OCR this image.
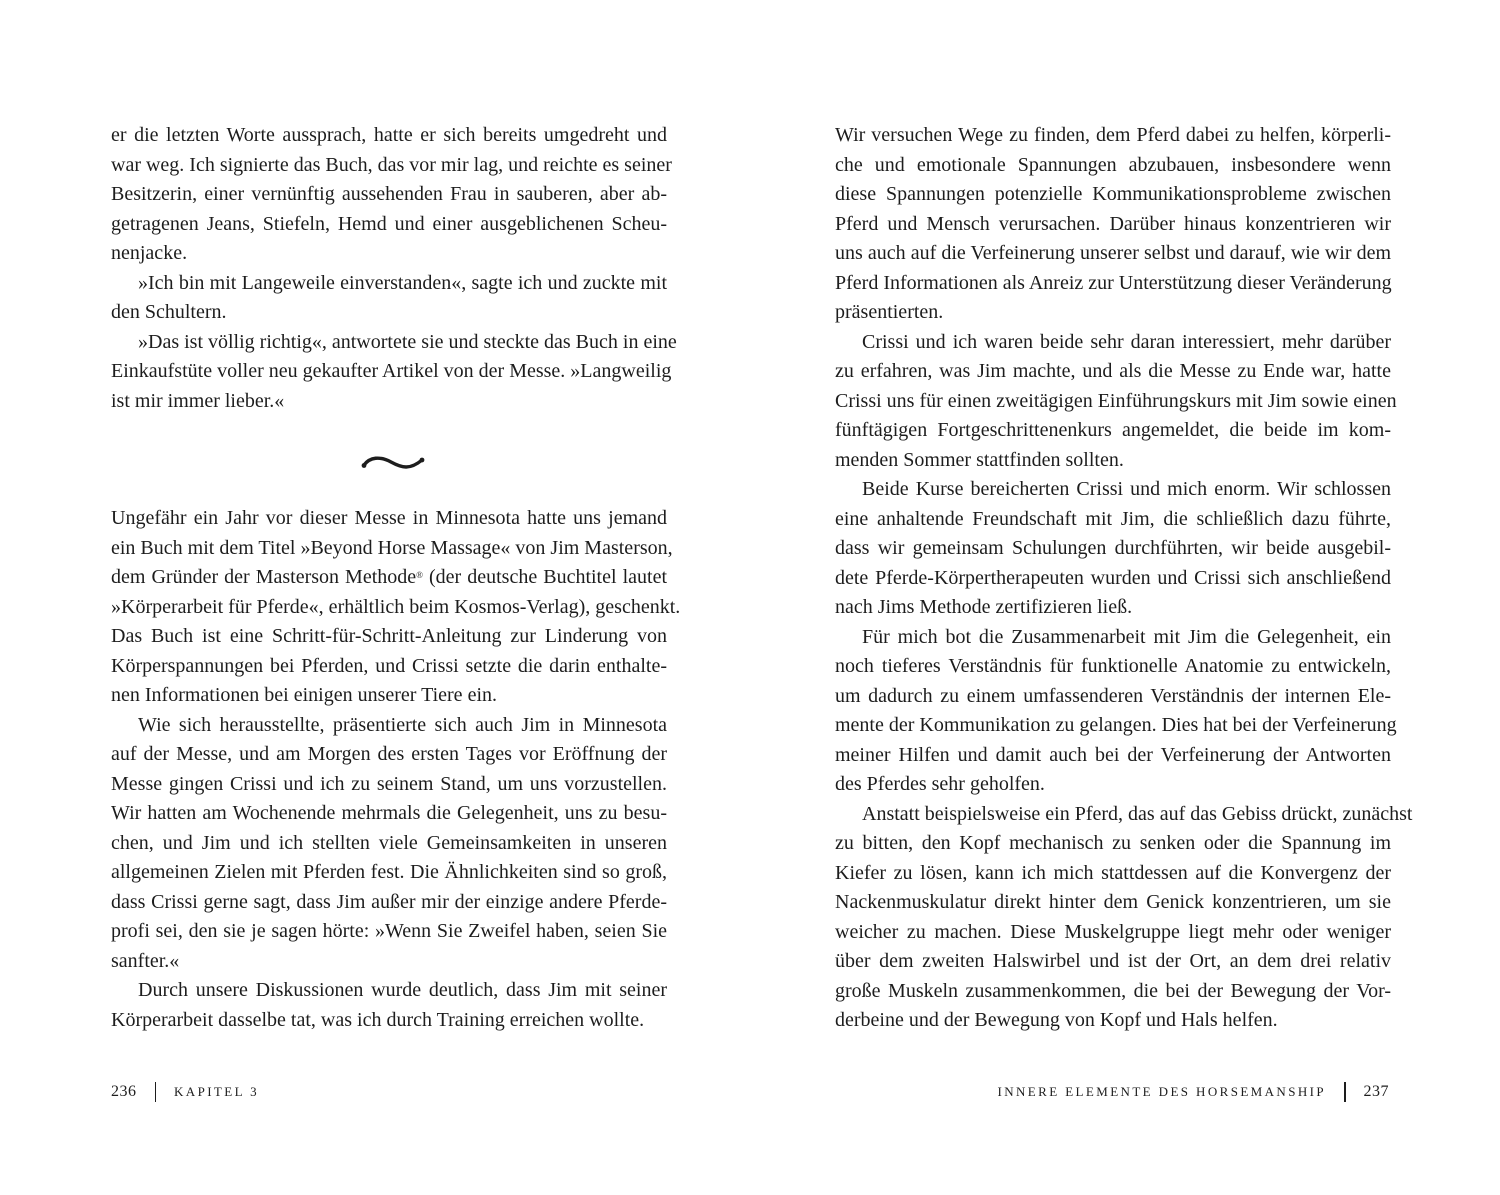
er die letzten Worte aussprach, hatte er sich bereits umgedreht und
war weg. Ich signierte das Buch, das vor mir lag, und reichte es seiner
Besitzerin, einer vernünftig aussehenden Frau in sauberen, aber ab-
getragenen Jeans, Stiefeln, Hemd und einer ausgeblichenen Scheu-
nenjacke.
»Ich bin mit Langeweile einverstanden«, sagte ich und zuckte mit
den Schultern.
»Das ist völlig richtig«, antwortete sie und steckte das Buch in eine
Einkaufstüte voller neu gekaufter Artikel von der Messe. »Langweilig
ist mir immer lieber.«
Ungefähr ein Jahr vor dieser Messe in Minnesota hatte uns jemand
ein Buch mit dem Titel »Beyond Horse Massage« von Jim Masterson,
dem Gründer der Masterson Methode® (der deutsche Buchtitel lautet
»Körperarbeit für Pferde«, erhältlich beim Kosmos-Verlag), geschenkt.
Das Buch ist eine Schritt-für-Schritt-Anleitung zur Linderung von
Körperspannungen bei Pferden, und Crissi setzte die darin enthalte-
nen Informationen bei einigen unserer Tiere ein.
Wie sich herausstellte, präsentierte sich auch Jim in Minnesota
auf der Messe, und am Morgen des ersten Tages vor Eröffnung der
Messe gingen Crissi und ich zu seinem Stand, um uns vorzustellen.
Wir hatten am Wochenende mehrmals die Gelegenheit, uns zu besu-
chen, und Jim und ich stellten viele Gemeinsamkeiten in unseren
allgemeinen Zielen mit Pferden fest. Die Ähnlichkeiten sind so groß,
dass Crissi gerne sagt, dass Jim außer mir der einzige andere Pferde-
profi sei, den sie je sagen hörte: »Wenn Sie Zweifel haben, seien Sie
sanfter.«
Durch unsere Diskussionen wurde deutlich, dass Jim mit seiner
Körperarbeit dasselbe tat, was ich durch Training erreichen wollte.
236	KAPITEL 3
Wir versuchen Wege zu finden, dem Pferd dabei zu helfen, körperli-
che und emotionale Spannungen abzubauen, insbesondere wenn
diese Spannungen potenzielle Kommunikationsprobleme zwischen
Pferd und Mensch verursachen. Darüber hinaus konzentrieren wir
uns auch auf die Verfeinerung unserer selbst und darauf, wie wir dem
Pferd Informationen als Anreiz zur Unterstützung dieser Veränderung
präsentierten.
Crissi und ich waren beide sehr daran interessiert, mehr darüber
zu erfahren, was Jim machte, und als die Messe zu Ende war, hatte
Crissi uns für einen zweitägigen Einführungskurs mit Jim sowie einen
fünftägigen Fortgeschrittenenkurs angemeldet, die beide im kom-
menden Sommer stattfinden sollten.
Beide Kurse bereicherten Crissi und mich enorm. Wir schlossen
eine anhaltende Freundschaft mit Jim, die schließlich dazu führte,
dass wir gemeinsam Schulungen durchführten, wir beide ausgebil-
dete Pferde-Körpertherapeuten wurden und Crissi sich anschließend
nach Jims Methode zertifizieren ließ.
Für mich bot die Zusammenarbeit mit Jim die Gelegenheit, ein
noch tieferes Verständnis für funktionelle Anatomie zu entwickeln,
um dadurch zu einem umfassenderen Verständnis der internen Ele-
mente der Kommunikation zu gelangen. Dies hat bei der Verfeinerung
meiner Hilfen und damit auch bei der Verfeinerung der Antworten
des Pferdes sehr geholfen.
Anstatt beispielsweise ein Pferd, das auf das Gebiss drückt, zunächst
zu bitten, den Kopf mechanisch zu senken oder die Spannung im
Kiefer zu lösen, kann ich mich stattdessen auf die Konvergenz der
Nackenmuskulatur direkt hinter dem Genick konzentrieren, um sie
weicher zu machen. Diese Muskelgruppe liegt mehr oder weniger
über dem zweiten Halswirbel und ist der Ort, an dem drei relativ
große Muskeln zusammenkommen, die bei der Bewegung der Vor-
derbeine und der Bewegung von Kopf und Hals helfen.
INNERE ELEMENTE DES HORSEMANSHIP 237
